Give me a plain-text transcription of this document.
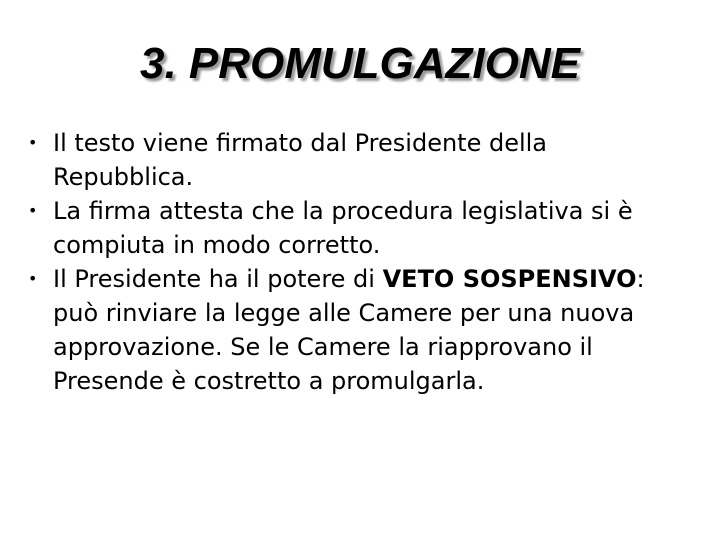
3. PROMULGAZIONE
• Il testo viene firmato dal Presidente della Repubblica.
• La firma attesta che la procedura legislativa si è compiuta in modo corretto.
• Il Presidente ha il potere di VETO SOSPENSIVO: può rinviare la legge alle Camere per una nuova approvazione. Se le Camere la riapprovano il Presende è costretto a promulgarla.
